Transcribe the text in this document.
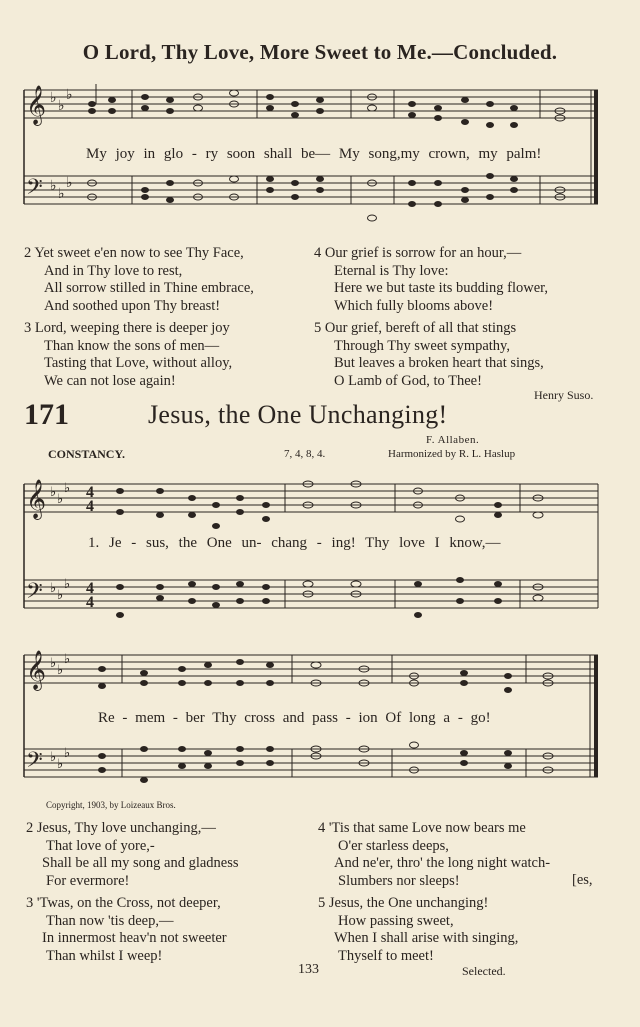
O Lord, Thy Love, More Sweet to Me.—Concluded.
𝄞
𝄢
♭ ♭
♭
♭ ♭
♭
My joy in glo - ry soon shall be— My song,my crown, my palm!
2 Yet sweet e'en now to see Thy Face,
And in Thy love to rest,
All sorrow stilled in Thine embrace,
And soothed upon Thy breast!
4 Our grief is sorrow for an hour,—
Eternal is Thy love:
Here we but taste its budding flower,
Which fully blooms above!
3 Lord, weeping there is deeper joy
Than know the sons of men—
Tasting that Love, without alloy,
We can not lose again!
5 Our grief, bereft of all that stings
Through Thy sweet sympathy,
But leaves a broken heart that sings,
O Lamb of God, to Thee!
Henry Suso.
171	Jesus, the One Unchanging!
F. Allaben.
CONSTANCY.	7, 4, 8, 4.	Harmonized by R. L. Haslup
𝄞
𝄢
♭ ♭
♭
♭ ♭
♭
4
4
4
4
1. Je - sus, the One un- chang - ing! Thy love I know,—
𝄞
𝄢
♭ ♭
♭
♭ ♭
♭
Re - mem - ber Thy cross and pass - ion Of long a - go!
Copyright, 1903, by Loizeaux Bros.
2 Jesus, Thy love unchanging,—
That love of yore,-
Shall be all my song and gladness
For evermore!
4 'Tis that same Love now bears me
O'er starless deeps,
And ne'er, thro' the long night watch-
Slumbers nor sleeps!	[es,
3 'Twas, on the Cross, not deeper,
Than now 'tis deep,—
In innermost heav'n not sweeter
Than whilst I weep!
5 Jesus, the One unchanging!
How passing sweet,
When I shall arise with singing,
Thyself to meet!
133	Selected.
